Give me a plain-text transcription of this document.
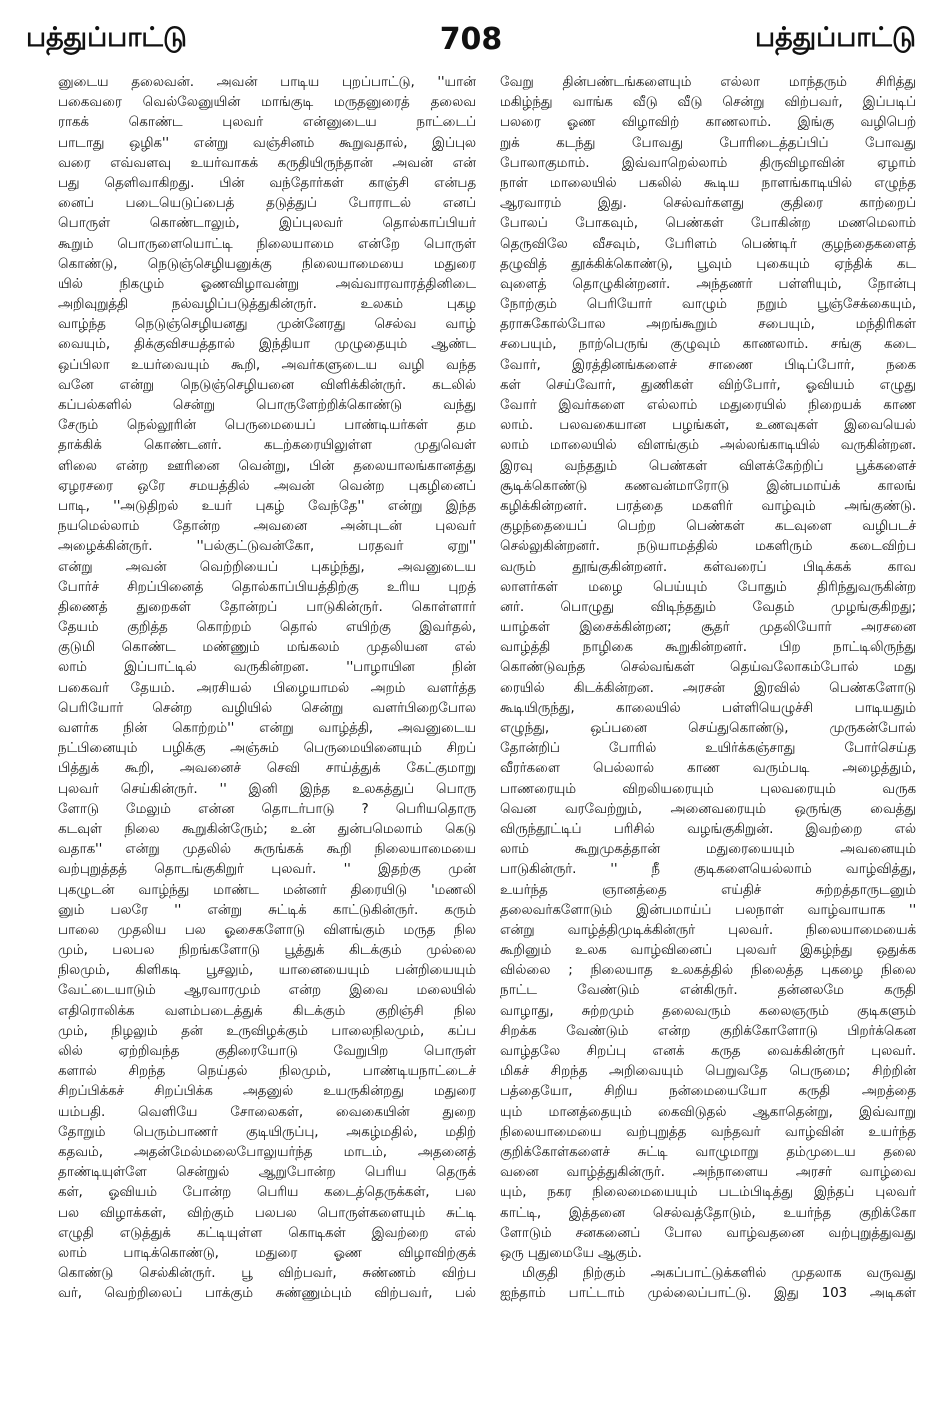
பத்துப்பாட்டு	708	பத்துப்பாட்டு
னுடைய தலைவன். அவன் பாடிய புறப்பாட்டு, ''யான்
பகைவரை வெல்லேனுயின் மாங்குடி மருதனுரைத் தலைவ
ராகக் கொண்ட புலவர் என்னுடைய நாட்டைப்
பாடாது ஒழிக'' என்று வஞ்சினம் கூறுவதால், இப்புல
வரை எவ்வளவு உயர்வாகக் கருதியிருந்தான் அவன் என்
பது தெளிவாகிறது. பின் வந்தோர்கள் காஞ்சி என்பத
னைப் படையெடுப்பைத் தடுத்துப் போராடல் எனப்
பொருள் கொண்டாலும், இப்புலவர் தொல்காப்பியர்
கூறும் பொருளையொட்டி நிலையாமை என்றே பொருள்
கொண்டு, நெடுஞ்செழியனுக்கு நிலையாமையை மதுரை
யில் நிகழும் ஓணவிழாவன்று அவ்வாரவாரத்தினிடை
அறிவுறுத்தி நல்வழிப்படுத்துகின்ருர். உலகம் புகழ
வாழ்ந்த நெடுஞ்செழியனது முன்னேரது செல்வ வாழ்
வையும், திக்குவிசயத்தால் இந்தியா முழுதையும் ஆண்ட
ஒப்பிலா உயர்வையும் கூறி, அவர்களுடைய வழி வந்த
வனே என்று நெடுஞ்செழியனை விளிக்கின்ருர். கடலில்
கப்பல்களில் சென்று பொருளேற்றிக்கொண்டு வந்து
சேரும் நெல்லூரின் பெருமையைப் பாண்டியர்கள் தம
தாக்கிக் கொண்டனர். கடற்கரையிலுள்ள முதுவெள்
ளிலை என்ற ஊரினை வென்று, பின் தலையாலங்கானத்து
ஏழரசரை ஒரே சமயத்தில் அவன் வென்ற புகழினைப்
பாடி, ''அடுதிறல் உயர் புகழ் வேந்தே'' என்று இந்த
நயமெல்லாம் தோன்ற அவனை அன்புடன் புலவர்
அழைக்கின்ருர். ''பல்குட்டுவன்கோ, பரதவர் ஏறு''
என்று அவன் வெற்றியைப் புகழ்ந்து, அவனுடைய
போர்ச் சிறப்பினைத் தொல்காப்பியத்திற்கு உரிய புறத்
திணைத் துறைகள் தோன்றப் பாடுகின்ருர். கொள்ளார்
தேயம் குறித்த கொற்றம் தொல் எயிற்கு இவர்தல்,
குடுமி கொண்ட மண்ணும் மங்கலம் முதலியன எல்
லாம் இப்பாட்டில் வருகின்றன. ''பாழாயின நின்
பகைவர் தேயம். அரசியல் பிழையாமல் அறம் வளர்த்த
பெரியோர் சென்ற வழியில் சென்று வளர்பிறைபோல
வளர்க நின் கொற்றம்'' என்று வாழ்த்தி, அவனுடைய
நட்பினையும் பழிக்கு அஞ்சும் பெருமையினையும் சிறப்
பித்துக் கூறி, அவனைச் செவி சாய்த்துக் கேட்குமாறு
புலவர் செய்கின்ருர். '' இனி இந்த உலகத்துப் பொரு
ளோடு மேலும் என்ன தொடர்பாடு ? பெரியதொரு
கடவுள் நிலை கூறுகின்ருேம்; உன் துன்பமெலாம் கெடு
வதாக'' என்று முதலில் சுருங்கக் கூறி நிலையாமையை
வற்புறுத்தத் தொடங்குகிறுர் புலவர். '' இதற்கு முன்
புகழுடன் வாழ்ந்து மாண்ட மன்னர் திரையிடு 'மணலி
னும் பலரே '' என்று சுட்டிக் காட்டுகின்ருர். கரும்
பாலை முதலிய பல ஓசைகளோடு விளங்கும் மருத நில
மும், பலபல நிறங்களோடு பூத்துக் கிடக்கும் முல்லை
நிலமும், கிளிகடி பூசலும், யானையையும் பன்றியையும்
வேட்டையாடும் ஆரவாரமும் என்ற இவை மலையில்
எதிரொலிக்க வளம்படைத்துக் கிடக்கும் குறிஞ்சி நில
மும், நிழலும் தன் உருவிழக்கும் பாலைநிலமும், கப்ப
லில் ஏற்றிவந்த குதிரையோடு வேறுபிற பொருள்
களால் சிறந்த நெய்தல் நிலமும், பாண்டியநாட்டைச்
சிறப்பிக்கச் சிறப்பிக்க அதனுல் உயருகின்றது மதுரை
யம்பதி. வெளியே சோலைகள், வைகையின் துறை
தோறும் பெரும்பாணர் குடியிருப்பு, அகழ்மதில், மதிற்
கதவம், அதன்மேல்மலைபோலுயர்ந்த மாடம், அதனைத்
தாண்டியுள்ளே சென்றுல் ஆறுபோன்ற பெரிய தெருக்
கள், ஓவியம் போன்ற பெரிய கடைத்தெருக்கள், பல
பல விழாக்கள், விற்கும் பலபல பொருள்களையும் சுட்டி
எழுதி எடுத்துக் கட்டியுள்ள கொடிகள் இவற்றை எல்
லாம் பாடிக்கொண்டு, மதுரை ஓண விழாவிற்குக்
கொண்டு செல்கின்ருர். பூ விற்பவர், சுண்ணம் விற்ப
வர், வெற்றிலைப் பாக்கும் சுண்ணும்பும் விற்பவர், பல்
வேறு தின்பண்டங்களையும் எல்லா மாந்தரும் சிரித்து
மகிழ்ந்து வாங்க வீடு வீடு சென்று விற்பவர், இப்படிப்
பலரை ஓண விழாவிற் காணலாம். இங்கு வழிபெற்
றுக் கடந்து போவது போரிடைத்தப்பிப் போவது
போலாகுமாம். இவ்வாறெல்லாம் திருவிழாவின் ஏழாம்
நாள் மாலையில் பகலில் கூடிய நாளங்காடியில் எழுந்த
ஆரவாரம் இது. செல்வர்களது குதிரை காற்றைப்
போலப் போகவும், பெண்கள் போகின்ற மணமெலாம்
தெருவிலே வீசவும், பேரிளம் பெண்டிர் குழந்தைகளைத்
தழுவித் தூக்கிக்கொண்டு, பூவும் புகையும் ஏந்திக் கட
வுளைத் தொழுகின்றனர். அந்தணர் பள்ளியும், நோன்பு
நோற்கும் பெரியோர் வாழும் நறும் பூஞ்சேக்கையும்,
தராசுகோல்போல அறங்கூறும் சபையும், மந்திரிகள்
சபையும், நாற்பெருங் குழுவும் காணலாம். சங்கு கடை
வோர், இரத்தினங்களைச் சாணை பிடிப்போர், நகை
கள் செய்வோர், துணிகள் விற்போர், ஓவியம் எழுது
வோர் இவர்களை எல்லாம் மதுரையில் நிறையக் காண
லாம். பலவகையான பழங்கள், உணவுகள் இவையெல்
லாம் மாலையில் விளங்கும் அல்லங்காடியில் வருகின்றன.
இரவு வந்ததும் பெண்கள் விளக்கேற்றிப் பூக்களைச்
சூடிக்கொண்டு கணவன்மாரோடு இன்பமாய்க் காலங்
கழிக்கின்றனர். பரத்தை மகளிர் வாழ்வும் அங்குண்டு.
குழந்தையைப் பெற்ற பெண்கள் கடவுளை வழிபடச்
செல்லுகின்றனர். நடுயாமத்தில் மகளிரும் கடைவிற்ப
வரும் தூங்குகின்றனர். கள்வரைப் பிடிக்கக் காவ
லாளர்கள் மழை பெய்யும் போதும் திரிந்துவருகின்ற
னர். பொழுது விடிந்ததும் வேதம் முழங்குகிறது;
யாழ்கள் இசைக்கின்றன; சூதர் முதலியோர் அரசனை
வாழ்த்தி நாழிகை கூறுகின்றனர். பிற நாட்டிலிருந்து
கொண்டுவந்த செல்வங்கள் தெய்வலோகம்போல் மது
ரையில் கிடக்கின்றன. அரசன் இரவில் பெண்களோடு
கூடியிருந்து, காலையில் பள்ளியெழுச்சி பாடியதும்
எழுந்து, ஒப்பனை செய்துகொண்டு, முருகன்போல்
தோன்றிப் போரில் உயிர்க்கஞ்சாது போர்செய்த
வீரர்களை பெல்லால் காண வரும்படி அழைத்தும்,
பாணரையும் விறலியரையும் புலவரையும் வருக
வென வரவேற்றும், அனைவரையும் ஒருங்கு வைத்து
விருந்தூட்டிப் பரிசில் வழங்குகிறுன். இவற்றை எல்
லாம் கூறுமுகத்தான் மதுரையையும் அவனையும்
பாடுகின்ருர். '' நீ குடிகளையெல்லாம் வாழ்வித்து,
உயர்ந்த ஞானத்தை எய்திச் சுற்றத்தாருடனும்
தலைவர்களோடும் இன்பமாய்ப் பலநாள் வாழ்வாயாக ''
என்று வாழ்த்திமுடிக்கின்ருர் புலவர். நிலையாமையைக்
கூறினும் உலக வாழ்வினைப் புலவர் இகழ்ந்து ஒதுக்க
வில்லை ; நிலையாத உலகத்தில் நிலைத்த புகழை நிலை
நாட்ட வேண்டும் என்கிருர். தன்னலமே கருதி
வாழாது, சுற்றமும் தலைவரும் கலைஞரும் குடிகளும்
சிறக்க வேண்டும் என்ற குறிக்கோளோடு பிறர்க்கென
வாழ்தலே சிறப்பு எனக் கருத வைக்கின்ருர் புலவர்.
மிகச் சிறந்த அறிவையும் பெறுவதே பெருமை; சிற்றின்
பத்தையோ, சிறிய நன்மையையோ கருதி அறத்தை
யும் மானத்தையும் கைவிடுதல் ஆகாதென்று, இவ்வாறு
நிலையாமையை வற்புறுத்த வந்தவர் வாழ்வின் உயர்ந்த
குறிக்கோள்களைச் சுட்டி வாழுமாறு தம்முடைய தலை
வனை வாழ்த்துகின்ருர். அந்நாளைய அரசர் வாழ்வை
யும், நகர நிலைமையையும் படம்பிடித்து இந்தப் புலவர்
காட்டி, இத்தனை செல்வத்தோடும், உயர்ந்த குறிக்கோ
ளோடும் சனகனைப் போல வாழ்வதனை வற்புறுத்துவது
ஒரு புதுமையே ஆகும்.
மிகுதி நிற்கும் அகப்பாட்டுக்களில் முதலாக வருவது
ஐந்தாம் பாட்டாம் முல்லைப்பாட்டு. இது 103 அடிகள்
